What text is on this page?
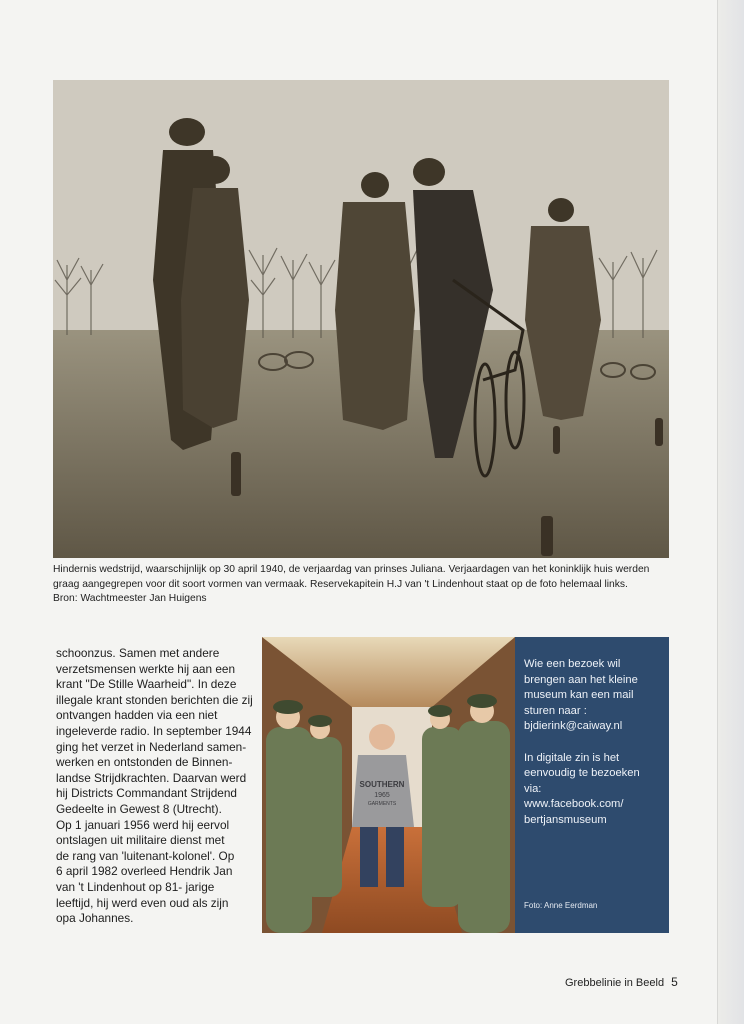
Hindernis wedstrijd, waarschijnlijk op 30 april 1940, de verjaardag van prinses Juliana. Verjaardagen van het koninklijk huis werden

graag aangegrepen voor dit soort vormen van vermaak. Reservekapitein H.J van 't Lindenhout staat op de foto helemaal links.

Bron: Wachtmeester Jan Huigens

schoonzus. Samen met andere
verzetsmensen werkte hij aan een
krant "De Stille Waarheid". In deze
illegale krant stonden berichten die zij
ontvangen hadden via een niet
ingeleverde radio. In september 1944
ging het verzet in Nederland samen-
werken en ontstonden de Binnen-
landse Strijdkrachten. Daarvan werd
hij Districts Commandant Strijdend
Gedeelte in Gewest 8 (Utrecht).
Op 1 januari 1956 werd hij eervol
ontslagen uit militaire dienst met
de rang van 'luitenant-kolonel'. Op
6 april 1982 overleed Hendrik Jan
van 't Lindenhout op 81- jarige
leeftijd, hij werd even oud als zijn
opa Johannes.
SOUTHERN
1965
GARMENTS
Wie een bezoek wil
brengen aan het kleine
museum kan een mail
sturen naar :
bjdierink@caiway.nl

In digitale zin is het
eenvoudig te bezoeken
via:
www.facebook.com/
bertjansmuseum
Foto: Anne Eerdman
Grebbelinie in Beeld 5
